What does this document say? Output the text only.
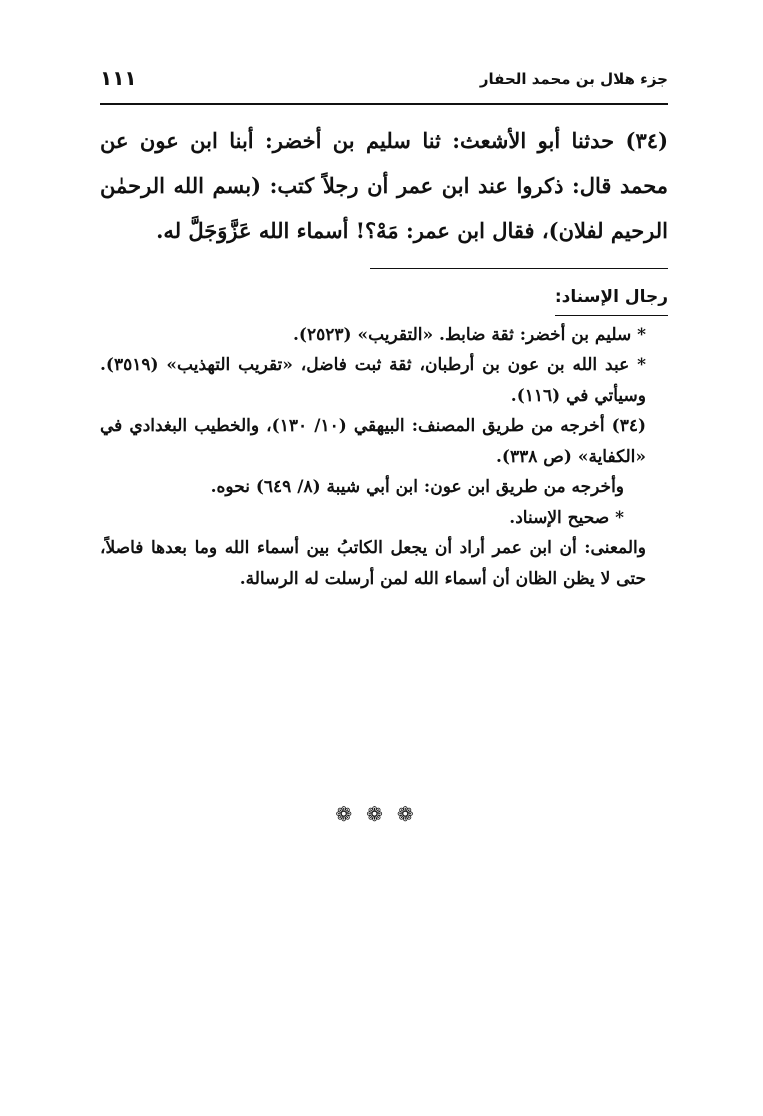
جزء هلال بن محمد الحفار
١١١

(٣٤) حدثنا أبو الأشعث: ثنا سليم بن أخضر: أبنا ابن عون عن محمد قال: ذكروا عند ابن عمر أن رجلاً كتب: (بسم الله الرحمٰن الرحيم لفلان)، فقال ابن عمر: مَهْ؟! أسماء الله عَزَّوَجَلَّ له.

رجال الإسناد:

* سليم بن أخضر: ثقة ضابط. «التقريب» (٢٥٢٣).

* عبد الله بن عون بن أرطبان، ثقة ثبت فاضل، «تقريب التهذيب» (٣٥١٩). وسيأتي في (١١٦).

(٣٤) أخرجه من طريق المصنف: البيهقي (١٠/ ١٣٠)، والخطيب البغدادي في «الكفاية» (ص ٣٣٨).

وأخرجه من طريق ابن عون: ابن أبي شيبة (٨/ ٦٤٩) نحوه.

* صحيح الإسناد.

والمعنى: أن ابن عمر أراد أن يجعل الكاتبُ بين أسماء الله وما بعدها فاصلاً، حتى لا يظن الظان أن أسماء الله لمن أرسلت له الرسالة.

❁❁❁
